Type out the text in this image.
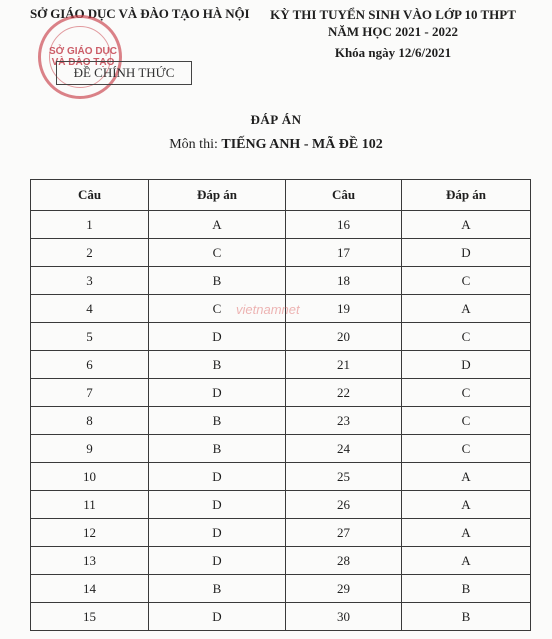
SỞ GIÁO DỤC VÀ ĐÀO TẠO HÀ NỘI	KỲ THI TUYỂN SINH VÀO LỚP 10 THPT
NĂM HỌC 2021 - 2022
Khóa ngày 12/6/2021
SỞ GIÁO DỤC VÀ ĐÀO TẠO
ĐỀ CHÍNH THỨC
ĐÁP ÁN
Môn thi: TIẾNG ANH - MÃ ĐỀ 102
Câu	Đáp án	Câu	Đáp án
1	A	16	A
2	C	17	D
3	B	18	C
4	C	19	A
5	D	20	C
6	B	21	D
7	D	22	C
8	B	23	C
9	B	24	C
10	D	25	A
11	D	26	A
12	D	27	A
13	D	28	A
14	B	29	B
15	D	30	B
vietnamnet
